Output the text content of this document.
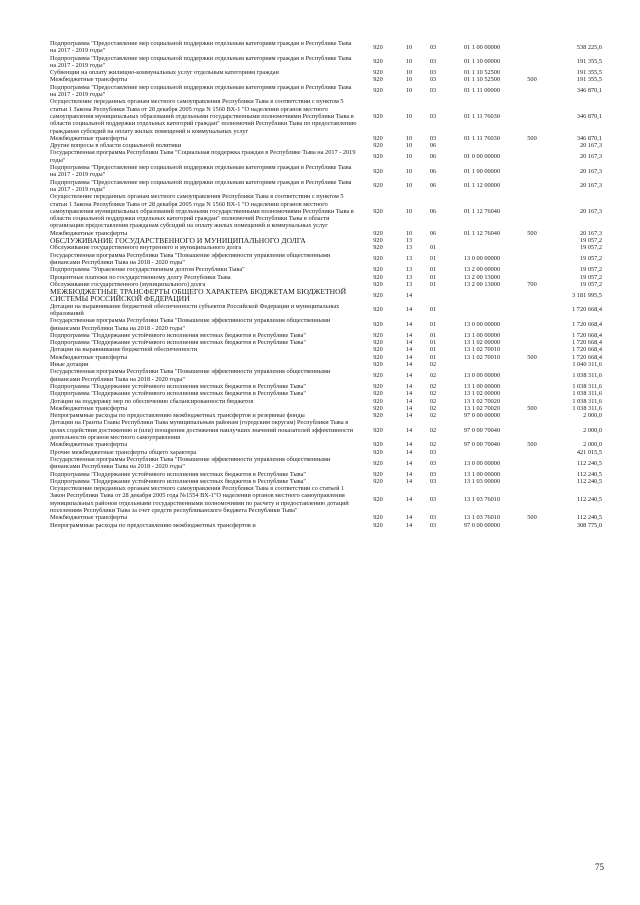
Подпрограмма "Предоставление мер социальной поддержки отдельным категориям граждан в Республике Тыва на 2017 - 2019 годы"	920	10	03	01 1 00 00000		538 225,6

Подпрограмма "Предоставление мер социальной поддержки отдельным категориям граждан в Республике Тыва на 2017 - 2019 годы"	920	10	03	01 1 10 00000		191 355,5

Субвенции на оплату жилищно-коммунальных услуг отдельным категориям граждан	920	10	03	01 1 10 52500		191 355,5

Межбюджетные трансферты	920	10	03	01 1 10 52500	500	191 355,5

Подпрограмма "Предоставление мер социальной поддержки отдельным категориям граждан в Республике Тыва на 2017 - 2019 годы"	920	10	03	01 1 11 00000		346 870,1

Осуществление переданных органам местного самоуправления Республики Тыва в соответствии с пунктом 5 статьи 1 Закона Республики Тыва от 28 декабря 2005 года N 1560 ВХ-1 "О наделении органов местного самоуправления муниципальных образований отдельными государственными полномочиями Республики Тыва в области социальной поддержки отдельных категорий граждан" полномочий Республики Тыва по предоставлению гражданам субсидий на оплату жилых помещений и коммунальных услуг	920	10	03	01 1 11 76030		346 870,1

Межбюджетные трансферты	920	10	03	01 1 11 76030	500	346 870,1

Другие вопросы в области социальной политики	920	10	06			20 167,3

Государственная программа Республики Тыва "Социальная поддержка граждан в Республике Тыва на 2017 - 2019 годы"	920	10	06	01 0 00 00000		20 167,3

Подпрограмма "Предоставление мер социальной поддержки отдельным категориям граждан в Республике Тыва на 2017 - 2019 годы"	920	10	06	01 1 00 00000		20 167,3

Подпрограмма "Предоставление мер социальной поддержки отдельным категориям граждан в Республике Тыва на 2017 - 2019 годы"	920	10	06	01 1 12 00000		20 167,3

Осуществление переданных органам местного самоуправления Республики Тыва в соответствии с пунктом 5 статьи 1 Закона Республики Тыва от 28 декабря 2005 года N 1560 ВХ-1 "О наделении органов местного самоуправления муниципальных образований отдельными государственными полномочиями Республики Тыва в области социальной поддержки отдельных категорий граждан" полномочий Республики Тыва в области организации предоставления гражданам субсидий на оплату жилых помещений и коммунальных услуг	920	10	06	01 1 12 76040		20 167,3

Межбюджетные трансферты	920	10	06	01 1 12 76040	500	20 167,3

ОБСЛУЖИВАНИЕ ГОСУДАРСТВЕННОГО И МУНИЦИПАЛЬНОГО ДОЛГА	920	13				19 057,2

Обслуживание государственного внутреннего и муниципального долга	920	13	01			19 057,2

Государственная программа Республики Тыва "Повышение эффективности управления общественными финансами Республики Тыва на 2018 - 2020 годы"	920	13	01	13 0 00 00000		19 057,2

Подпрограмма "Управление государственным долгом Республики Тыва"	920	13	01	13 2 00 00000		19 057,2

Процентные платежи по государственному долгу Республики Тыва	920	13	01	13 2 00 13000		19 057,2

Обслуживание государственного (муниципального) долга	920	13	01	13 2 00 13000	700	19 057,2

МЕЖБЮДЖЕТНЫЕ ТРАНСФЕРТЫ ОБЩЕГО ХАРАКТЕРА БЮДЖЕТАМ БЮДЖЕТНОЙ СИСТЕМЫ РОССИЙСКОЙ ФЕДЕРАЦИИ	920	14				3 181 995,5

Дотации на выравнивание бюджетной обеспеченности субъектов Российской Федерации и муниципальных образований	920	14	01			1 720 668,4

Государственная программа Республики Тыва "Повышение эффективности управления общественными финансами Республики Тыва на 2018 - 2020 годы"	920	14	01	13 0 00 00000		1 720 668,4

Подпрограмма "Поддержание устойчивого исполнения местных бюджетов в Республике Тыва"	920	14	01	13 1 00 00000		1 720 668,4

Подпрограмма "Поддержание устойчивого исполнения местных бюджетов в Республике Тыва"	920	14	01	13 1 02 00000		1 720 668,4

Дотации на выравнивание бюджетной обеспеченности	920	14	01	13 1 02 70010		1 720 668,4

Межбюджетные трансферты	920	14	01	13 1 02 70010	500	1 720 668,4

Иные дотации	920	14	02			1 040 311,6

Государственная программа Республики Тыва "Повышение эффективности управления общественными финансами Республики Тыва на 2018 - 2020 годы"	920	14	02	13 0 00 00000		1 038 311,6

Подпрограмма "Поддержание устойчивого исполнения местных бюджетов в Республике Тыва"	920	14	02	13 1 00 00000		1 038 311,6

Подпрограмма "Поддержание устойчивого исполнения местных бюджетов в Республике Тыва"	920	14	02	13 1 02 00000		1 038 311,6

Дотации на поддержку мер по обеспечению сбалансированности бюджетов	920	14	02	13 1 02 70020		1 038 311,6

Межбюджетные трансферты	920	14	02	13 1 02 70020	500	1 038 311,6

Непрограммные расходы по предоставлению межбюджетных трансфертов и резервные фонды	920	14	02	97 0 00 00000		2 000,0

Дотации на Гранты Главы Республики Тыва муниципальным районам (городским округам) Республики Тыва в целях содействия достижению и (или) поощрения достижения наилучших значений показателей эффективности деятельности органов местного самоуправления	920	14	02	97 0 00 70040		2 000,0

Межбюджетные трансферты	920	14	02	97 0 00 70040	500	2 000,0

Прочие межбюджетные трансферты общего характера	920	14	03			421 015,5

Государственная программа Республики Тыва "Повышение эффективности управления общественными финансами Республики Тыва на 2018 - 2020 годы"	920	14	03	13 0 00 00000		112 240,5

Подпрограмма "Поддержание устойчивого исполнения местных бюджетов в Республике Тыва"	920	14	03	13 1 00 00000		112 240,5

Подпрограмма "Поддержание устойчивого исполнения местных бюджетов в Республике Тыва"	920	14	03	13 1 03 00000		112 240,5

Осуществление переданных органам местного самоуправления Республики Тыва в соответствии со статьей 1 Закон Республики Тыва от 28 декабря 2005 года №1554 ВХ-1"О наделении органов местного самоуправления муниципальных районов отдельными государственными полномочиями по расчету и предоставлению дотаций поселениям Республики Тыва за счет средств республиканского бюджета Республики Тыва"	920	14	03	13 1 03 76010		112 240,5

Межбюджетные трансферты	920	14	03	13 1 03 76010	500	112 240,5

Непрограммные расходы по предоставлению межбюджетных трансфертов и	920	14	03	97 0 00 00000		308 775,0
75
